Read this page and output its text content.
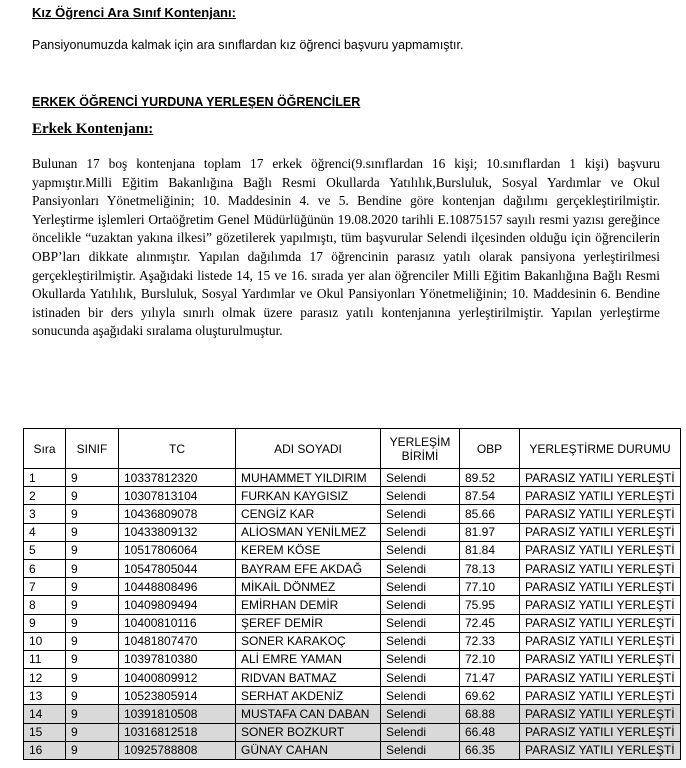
Kız Öğrenci Ara Sınıf Kontenjanı:
Pansiyonumuzda kalmak için ara sınıflardan kız öğrenci başvuru yapmamıştır.
ERKEK ÖĞRENCİ YURDUNA YERLEŞEN ÖĞRENCİLER
Erkek Kontenjanı:
Bulunan 17 boş kontenjana toplam 17 erkek öğrenci(9.sınıflardan 16 kişi; 10.sınıflardan 1 kişi) başvuru yapmıştır.Milli Eğitim Bakanlığına Bağlı Resmi Okullarda Yatılılık,Bursluluk, Sosyal Yardımlar ve Okul Pansiyonları Yönetmeliğinin; 10. Maddesinin 4. ve 5. Bendine göre kontenjan dağılımı gerçekleştirilmiştir. Yerleştirme işlemleri Ortaöğretim Genel Müdürlüğünün 19.08.2020 tarihli E.10875157 sayılı resmi yazısı gereğince öncelikle “uzaktan yakına ilkesi” gözetilerek yapılmıştı, tüm başvurular Selendi ilçesinden olduğu için öğrencilerin OBP’ları dikkate alınmıştır. Yapılan dağılımda 17 öğrencinin parasız yatılı olarak pansiyona yerleştirilmesi gerçekleştirilmiştir. Aşağıdaki listede 14, 15 ve 16. sırada yer alan öğrenciler Milli Eğitim Bakanlığına Bağlı Resmi Okullarda Yatılılık, Bursluluk, Sosyal Yardımlar ve Okul Pansiyonları Yönetmeliğinin; 10. Maddesinin 6. Bendine istinaden bir ders yılıyla sınırlı olmak üzere parasız yatılı kontenjanına yerleştirilmiştir. Yapılan yerleştirme sonucunda aşağıdaki sıralama oluşturulmuştur.
Sıra	SINIF	TC	ADI SOYADI	YERLEŞİM BİRİMİ	OBP	YERLEŞTİRME DURUMU
1	9	10337812320	MUHAMMET YILDIRIM	Selendi	89.52	PARASIZ YATILI YERLEŞTİ
2	9	10307813104	FURKAN KAYGISIZ	Selendi	87.54	PARASIZ YATILI YERLEŞTİ
3	9	10436809078	CENGİZ KAR	Selendi	85.66	PARASIZ YATILI YERLEŞTİ
4	9	10433809132	ALİOSMAN YENİLMEZ	Selendi	81.97	PARASIZ YATILI YERLEŞTİ
5	9	10517806064	KEREM KÖSE	Selendi	81.84	PARASIZ YATILI YERLEŞTİ
6	9	10547805044	BAYRAM EFE AKDAĞ	Selendi	78.13	PARASIZ YATILI YERLEŞTİ
7	9	10448808496	MİKAİL DÖNMEZ	Selendi	77.10	PARASIZ YATILI YERLEŞTİ
8	9	10409809494	EMİRHAN DEMİR	Selendi	75.95	PARASIZ YATILI YERLEŞTİ
9	9	10400810116	ŞEREF DEMİR	Selendi	72.45	PARASIZ YATILI YERLEŞTİ
10	9	10481807470	SONER KARAKOÇ	Selendi	72.33	PARASIZ YATILI YERLEŞTİ
11	9	10397810380	ALİ EMRE YAMAN	Selendi	72.10	PARASIZ YATILI YERLEŞTİ
12	9	10400809912	RIDVAN BATMAZ	Selendi	71.47	PARASIZ YATILI YERLEŞTİ
13	9	10523805914	SERHAT AKDENİZ	Selendi	69.62	PARASIZ YATILI YERLEŞTİ
14	9	10391810508	MUSTAFA CAN DABAN	Selendi	68.88	PARASIZ YATILI YERLEŞTİ
15	9	10316812518	SONER BOZKURT	Selendi	66.48	PARASIZ YATILI YERLEŞTİ
16	9	10925788808	GÜNAY CAHAN	Selendi	66.35	PARASIZ YATILI YERLEŞTİ
